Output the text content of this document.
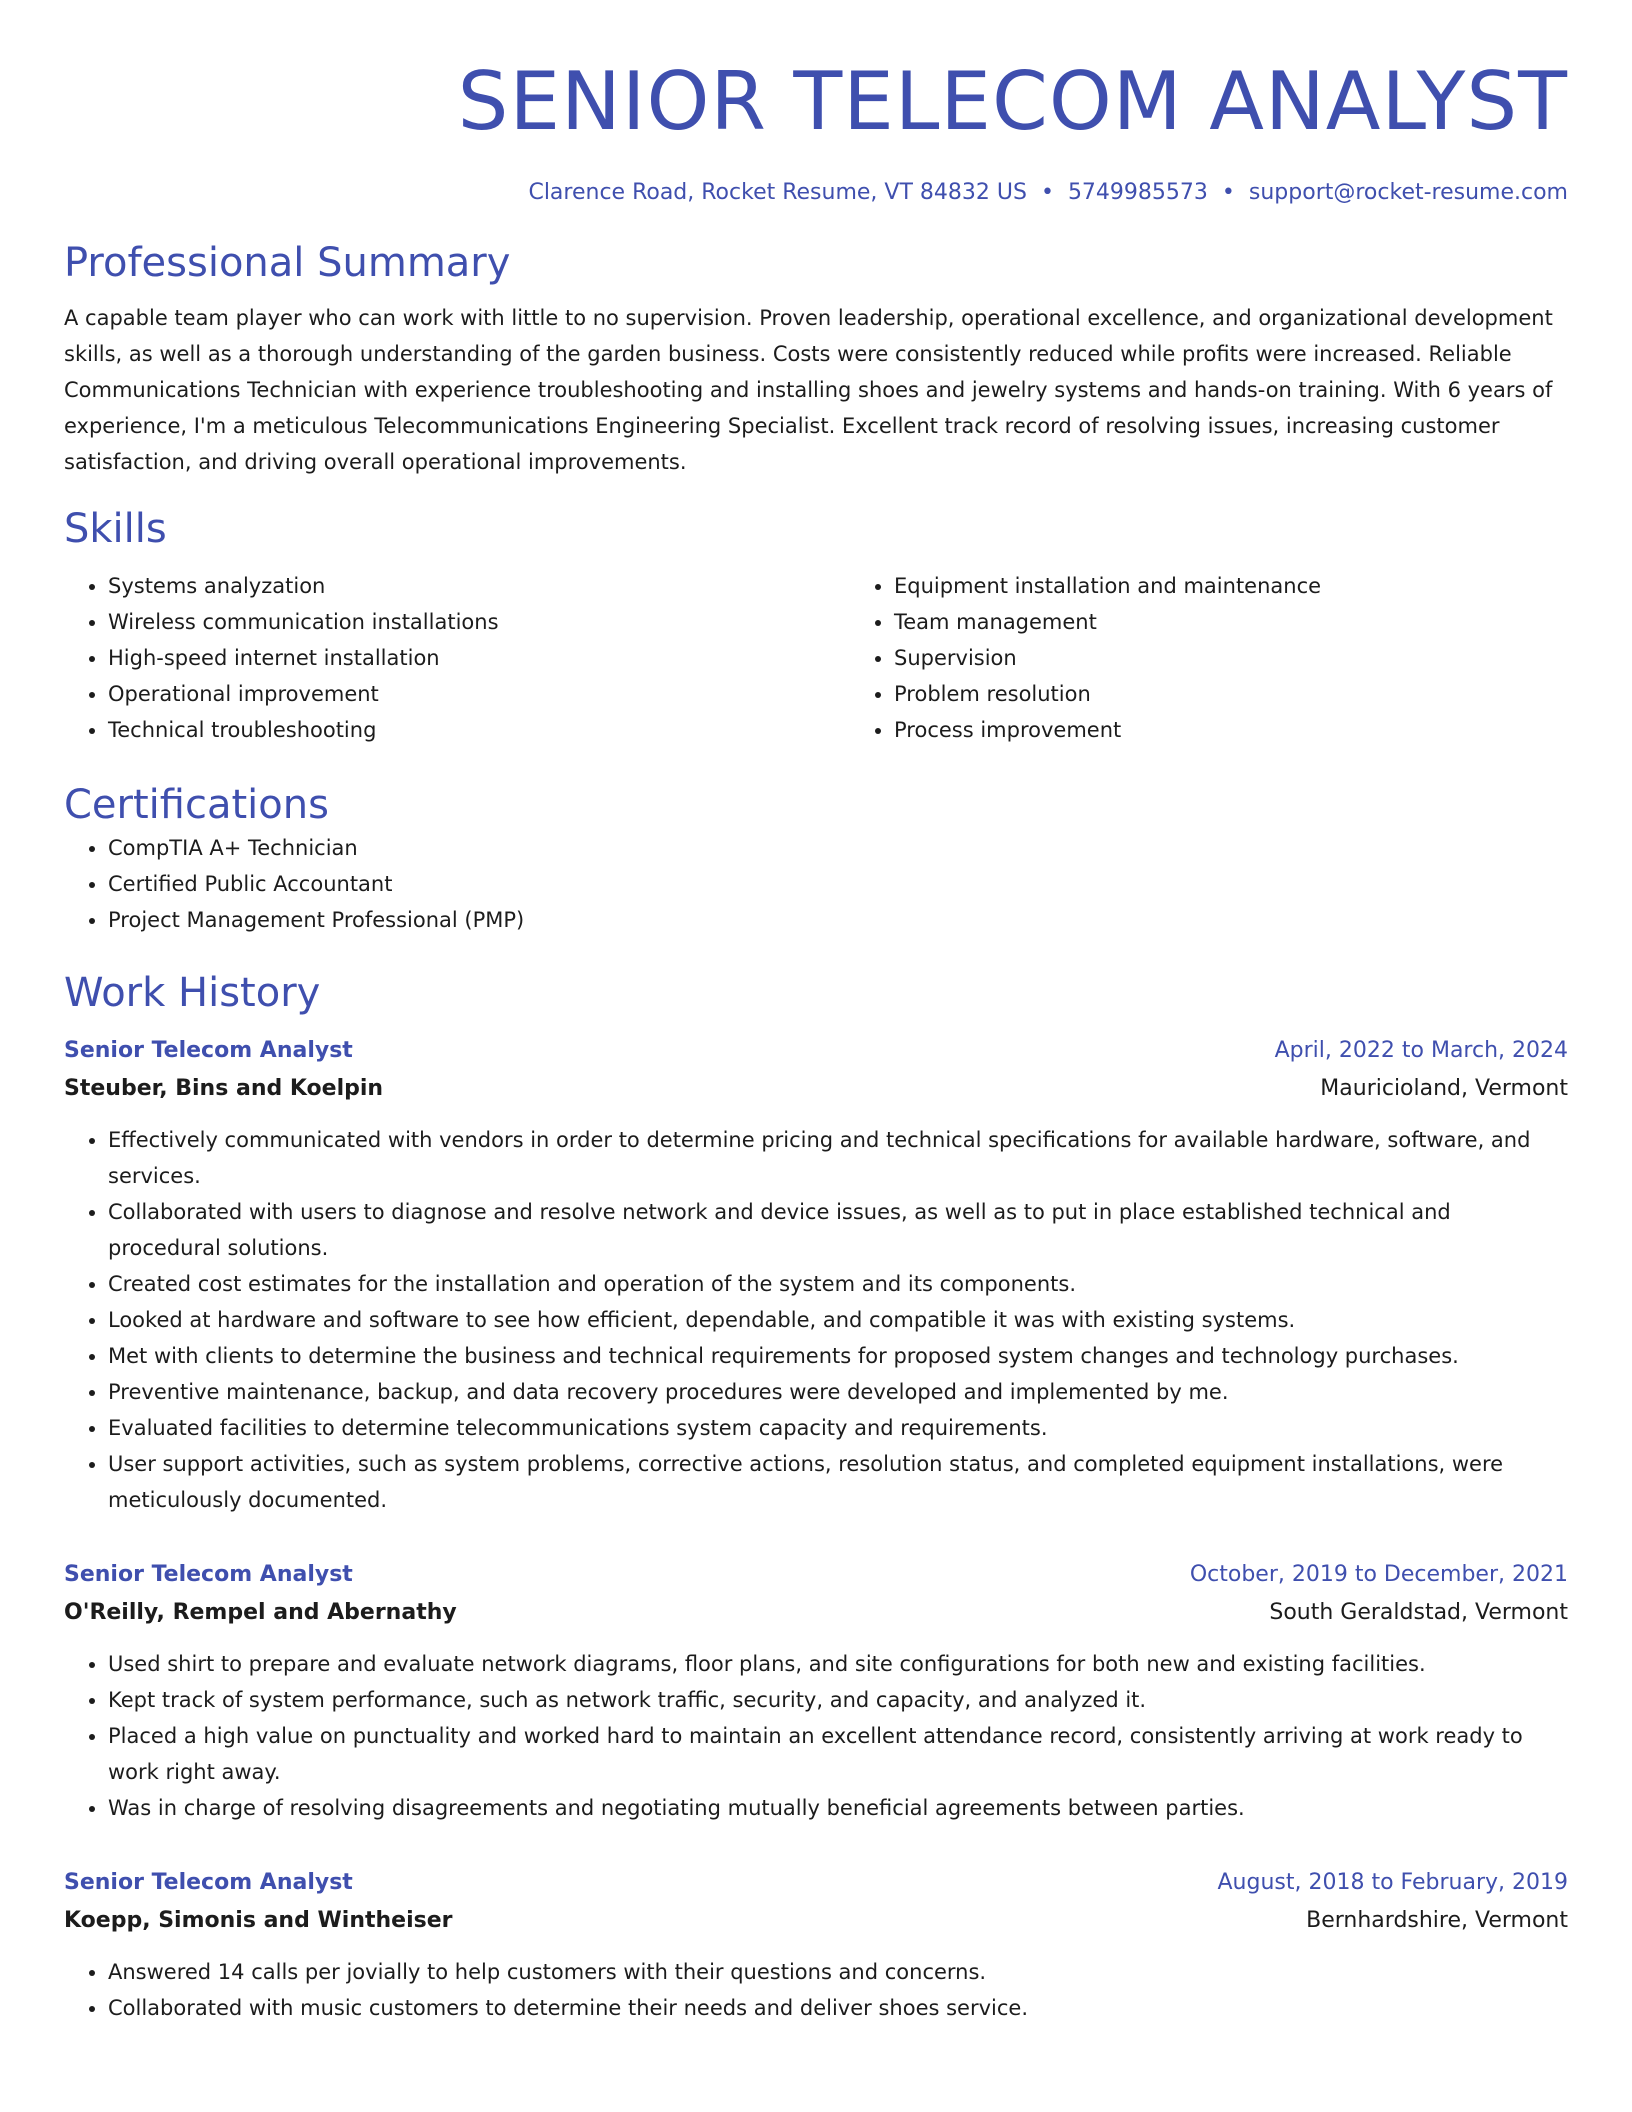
SENIOR TELECOM ANALYST
Clarence Road, Rocket Resume, VT 84832 US • 5749985573 • support@rocket-resume.com
Professional Summary

A capable team player who can work with little to no supervision. Proven leadership, operational excellence, and organizational development skills, as well as a thorough understanding of the garden business. Costs were consistently reduced while profits were increased. Reliable Communications Technician with experience troubleshooting and installing shoes and jewelry systems and hands-on training. With 6 years of experience, I'm a meticulous Telecommunications Engineering Specialist. Excellent track record of resolving issues, increasing customer satisfaction, and driving overall operational improvements.

Skills
• Systems analyzation
• Wireless communication installations
• High-speed internet installation
• Operational improvement
• Technical troubleshooting
• Equipment installation and maintenance
• Team management
• Supervision
• Problem resolution
• Process improvement
Certifications
• CompTIA A+ Technician
• Certified Public Accountant
• Project Management Professional (PMP)
Work History
Senior Telecom Analyst	April, 2022 to March, 2024
Steuber, Bins and Koelpin	Mauricioland, Vermont
• Effectively communicated with vendors in order to determine pricing and technical specifications for available hardware, software, and services.
• Collaborated with users to diagnose and resolve network and device issues, as well as to put in place established technical and procedural solutions.
• Created cost estimates for the installation and operation of the system and its components.
• Looked at hardware and software to see how efficient, dependable, and compatible it was with existing systems.
• Met with clients to determine the business and technical requirements for proposed system changes and technology purchases.
• Preventive maintenance, backup, and data recovery procedures were developed and implemented by me.
• Evaluated facilities to determine telecommunications system capacity and requirements.
• User support activities, such as system problems, corrective actions, resolution status, and completed equipment installations, were meticulously documented.
Senior Telecom Analyst	October, 2019 to December, 2021
O'Reilly, Rempel and Abernathy	South Geraldstad, Vermont
• Used shirt to prepare and evaluate network diagrams, floor plans, and site configurations for both new and existing facilities.
• Kept track of system performance, such as network traffic, security, and capacity, and analyzed it.
• Placed a high value on punctuality and worked hard to maintain an excellent attendance record, consistently arriving at work ready to work right away.
• Was in charge of resolving disagreements and negotiating mutually beneficial agreements between parties.
Senior Telecom Analyst	August, 2018 to February, 2019
Koepp, Simonis and Wintheiser	Bernhardshire, Vermont
• Answered 14 calls per jovially to help customers with their questions and concerns.
• Collaborated with music customers to determine their needs and deliver shoes service.
